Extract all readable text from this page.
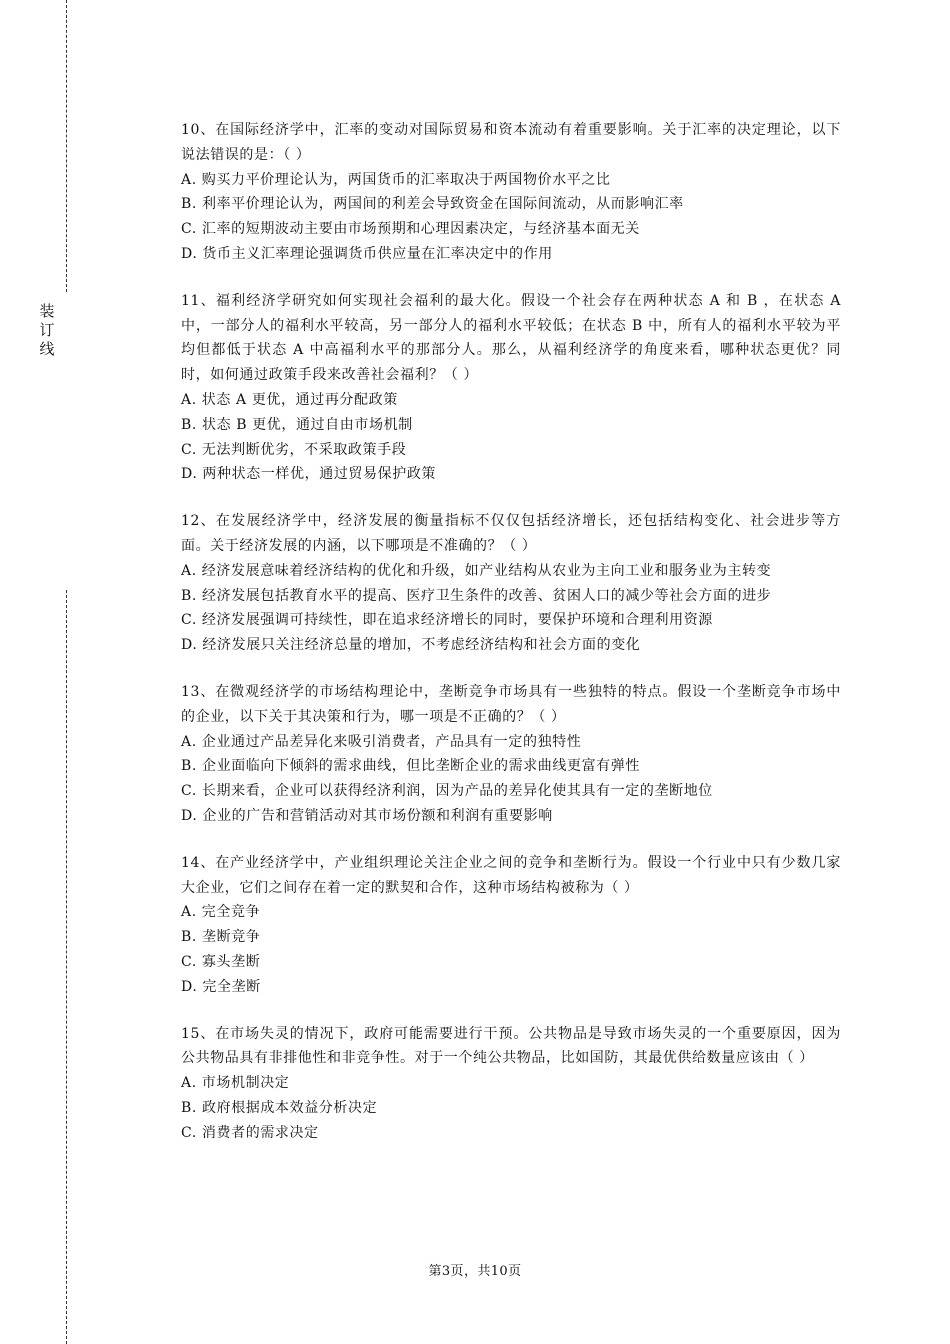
装
订
线
10、在国际经济学中，汇率的变动对国际贸易和资本流动有着重要影响。关于汇率的决定理论，以下说法错误的是：（ ）
A. 购买力平价理论认为，两国货币的汇率取决于两国物价水平之比
B. 利率平价理论认为，两国间的利差会导致资金在国际间流动，从而影响汇率
C. 汇率的短期波动主要由市场预期和心理因素决定，与经济基本面无关
D. 货币主义汇率理论强调货币供应量在汇率决定中的作用
11、福利经济学研究如何实现社会福利的最大化。假设一个社会存在两种状态 A 和 B ，在状态 A 中，一部分人的福利水平较高，另一部分人的福利水平较低；在状态 B 中，所有人的福利水平较为平均但都低于状态 A 中高福利水平的那部分人。那么，从福利经济学的角度来看，哪种状态更优？同时，如何通过政策手段来改善社会福利？（ ）
A. 状态 A 更优，通过再分配政策
B. 状态 B 更优，通过自由市场机制
C. 无法判断优劣，不采取政策手段
D. 两种状态一样优，通过贸易保护政策
12、在发展经济学中，经济发展的衡量指标不仅仅包括经济增长，还包括结构变化、社会进步等方面。关于经济发展的内涵，以下哪项是不准确的？（ ）
A. 经济发展意味着经济结构的优化和升级，如产业结构从农业为主向工业和服务业为主转变
B. 经济发展包括教育水平的提高、医疗卫生条件的改善、贫困人口的减少等社会方面的进步
C. 经济发展强调可持续性，即在追求经济增长的同时，要保护环境和合理利用资源
D. 经济发展只关注经济总量的增加，不考虑经济结构和社会方面的变化
13、在微观经济学的市场结构理论中，垄断竞争市场具有一些独特的特点。假设一个垄断竞争市场中的企业，以下关于其决策和行为，哪一项是不正确的？（ ）
A. 企业通过产品差异化来吸引消费者，产品具有一定的独特性
B. 企业面临向下倾斜的需求曲线，但比垄断企业的需求曲线更富有弹性
C. 长期来看，企业可以获得经济利润，因为产品的差异化使其具有一定的垄断地位
D. 企业的广告和营销活动对其市场份额和利润有重要影响
14、在产业经济学中，产业组织理论关注企业之间的竞争和垄断行为。假设一个行业中只有少数几家大企业，它们之间存在着一定的默契和合作，这种市场结构被称为（ ）
A. 完全竞争
B. 垄断竞争
C. 寡头垄断
D. 完全垄断
15、在市场失灵的情况下，政府可能需要进行干预。公共物品是导致市场失灵的一个重要原因，因为公共物品具有非排他性和非竞争性。对于一个纯公共物品，比如国防，其最优供给数量应该由（ ）
A. 市场机制决定
B. 政府根据成本效益分析决定
C. 消费者的需求决定
第3页，共10页
